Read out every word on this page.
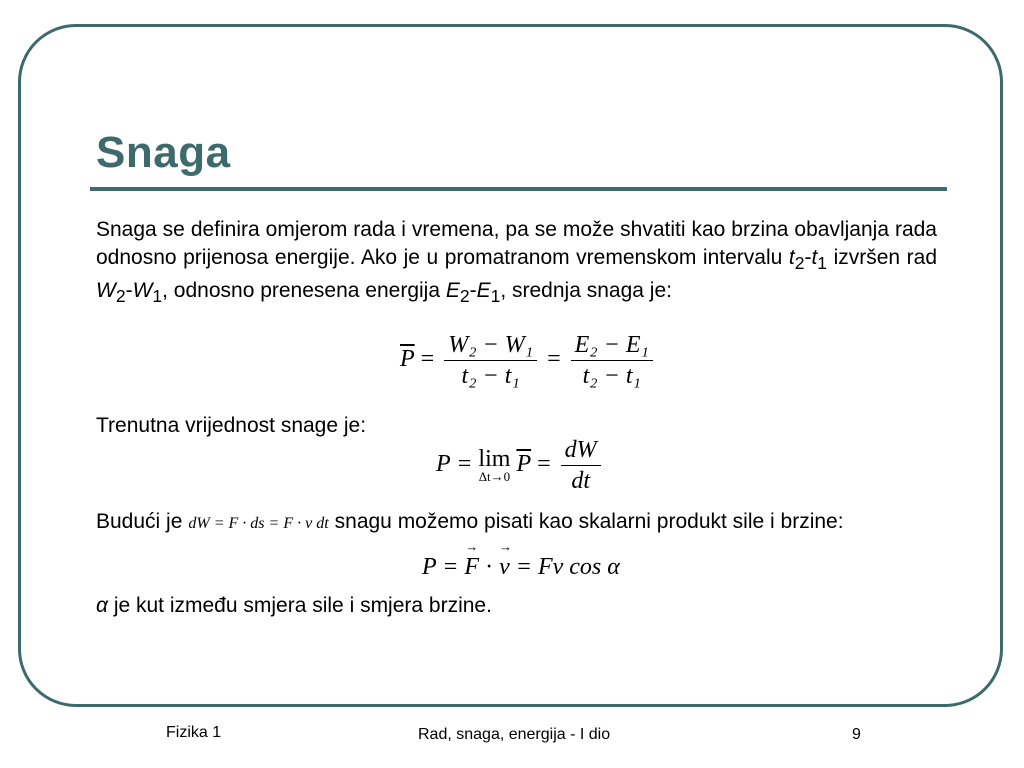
Snaga
Snaga se definira omjerom rada i vremena, pa se može shvatiti kao brzina obavljanja rada odnosno prijenosa energije. Ako je u promatranom vremenskom intervalu $t_2-t_1$ izvršen rad $W_2-W_1$, odnosno prenesena energija $E_2-E_1$, srednja snaga je:
$\overline{P} = \frac{\text{W₂ − W₁}}{\text{t₂ − t₁}} = \frac{\text{E₂ − E₁}}{\text{t₂ − t₁}}$
Trenutna vrijednost snage je:
P = lim
Δt→0 $\overline{P} = \frac{dW}{dt}$
Budući je dW = F · ds = F · v dt snagu možemo pisati kao skalarni produkt sile i brzine:
P = → F · → v = Fv cos α
α je kut između smjera sile i smjera brzine.
Fizika 1	Rad, snaga, energija - I dio	9
